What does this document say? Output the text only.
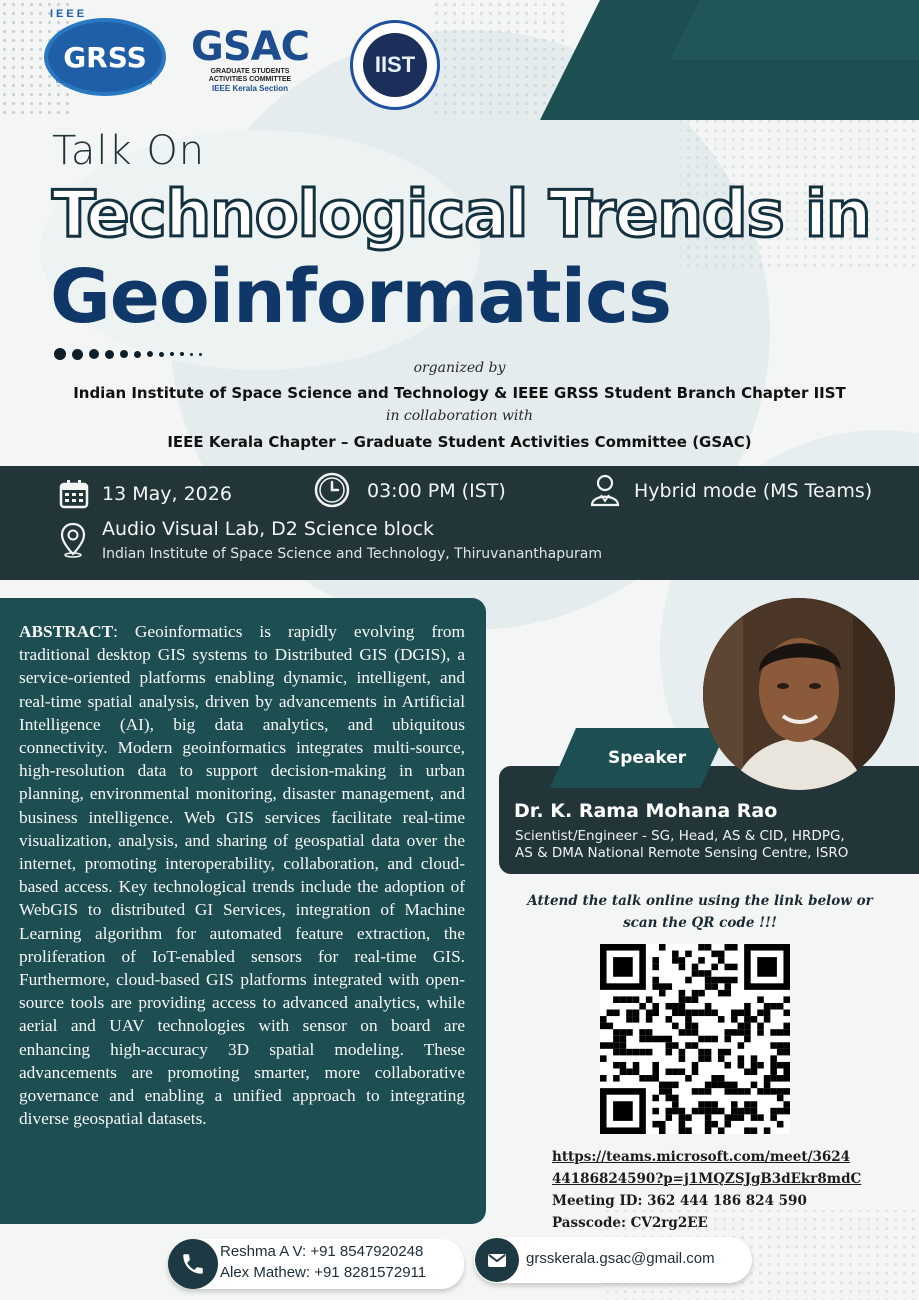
GRSS
IEEE
Geoscience and Remote Sensing Society
GSAC
GRADUATE STUDENTS
ACTIVITIES COMMITTEE
IEEE Kerala Section
IIST
Talk On
Technological Trends in
Geoinformatics
organized by
Indian Institute of Space Science and Technology & IEEE GRSS Student Branch Chapter IIST
in collaboration with
IEEE Kerala Chapter – Graduate Student Activities Committee (GSAC)
13 May, 2026	03:00 PM (IST)	Hybrid mode (MS Teams)
Audio Visual Lab, D2 Science block
Indian Institute of Space Science and Technology, Thiruvananthapuram
ABSTRACT: Geoinformatics is rapidly evolving from traditional desktop GIS systems to Distributed GIS (DGIS), a service-oriented platforms enabling dynamic, intelligent, and real-time spatial analysis, driven by advancements in Artificial Intelligence (AI), big data analytics, and ubiquitous connectivity. Modern geoinformatics integrates multi-source, high-resolution data to support decision-making in urban planning, environmental monitoring, disaster management, and business intelligence. Web GIS services facilitate real-time visualization, analysis, and sharing of geospatial data over the internet, promoting interoperability, collaboration, and cloud-based access. Key technological trends include the adoption of WebGIS to distributed GI Services, integration of Machine Learning algorithm for automated feature extraction, the proliferation of IoT-enabled sensors for real-time GIS. Furthermore, cloud-based GIS platforms integrated with open-source tools are providing access to advanced analytics, while aerial and UAV technologies with sensor on board are enhancing high-accuracy 3D spatial modeling. These advancements are promoting smarter, more collaborative governance and enabling a unified approach to integrating diverse geospatial datasets.
Dr. K. Rama Mohana Rao
Scientist/Engineer - SG, Head, AS & CID, HRDPG,
AS & DMA National Remote Sensing Centre, ISRO
Speaker
Attend the talk online using the link below or
scan the QR code !!!
https://teams.microsoft.com/meet/3624
44186824590?p=j1MQZSJgB3dEkr8mdC
Meeting ID: 362 444 186 824 590
Passcode: CV2rg2EE
Reshma A V: +91 8547920248
Alex Mathew: +91 8281572911
grsskerala.gsac@gmail.com
